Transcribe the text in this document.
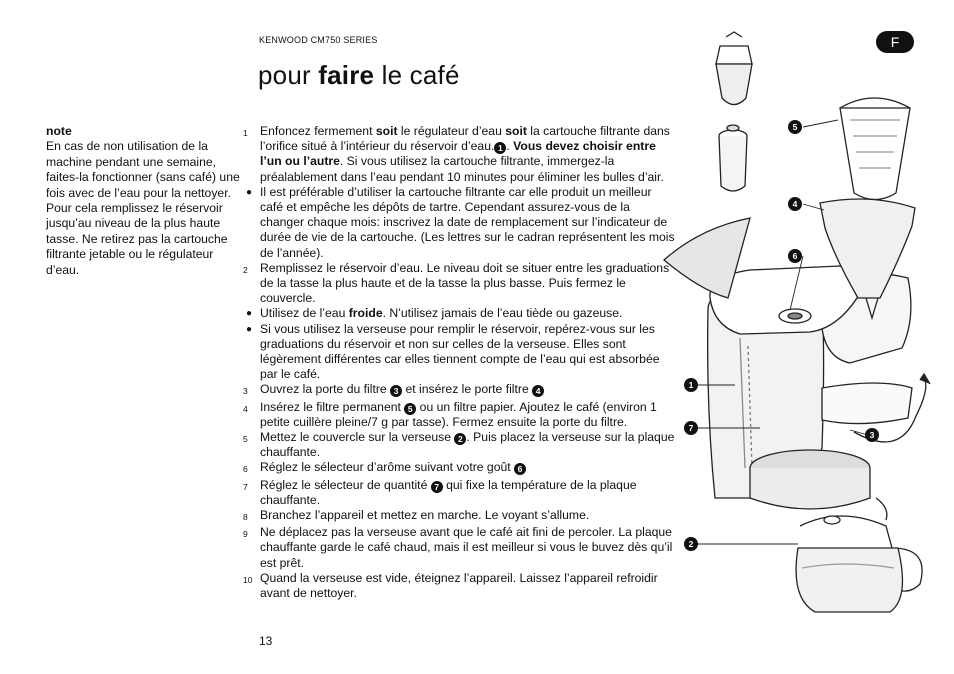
KENWOOD CM750 SERIES
pour faire le café
F
note
En cas de non utilisation de la machine pendant une semaine, faites-la fonctionner (sans café) une fois avec de l’eau pour la nettoyer. Pour cela remplissez le réservoir jusqu’au niveau de la plus haute tasse. Ne retirez pas la cartouche filtrante jetable ou le régulateur d’eau.
1	Enfoncez fermement soit le régulateur d’eau soit la cartouche filtrante dans l’orifice situé à l’intérieur du réservoir d’eau. 1 . Vous devez choisir entre l’un ou l’autre. Si vous utilisez la cartouche filtrante, immergez-la préalablement dans l’eau pendant 10 minutes pour éliminer les bulles d’air.
● Il est préférable d’utiliser la cartouche filtrante car elle produit un meilleur café et empêche les dépôts de tartre. Cependant assurez-vous de la changer chaque mois: inscrivez la date de remplacement sur l’indicateur de durée de vie de la cartouche. (Les lettres sur le cadran représentent les mois de l’année).
2	Remplissez le réservoir d’eau. Le niveau doit se situer entre les graduations de la tasse la plus haute et de la tasse la plus basse. Puis fermez le couvercle.
● Utilisez de l’eau froide. N’utilisez jamais de l’eau tiède ou gazeuse.
● Si vous utilisez la verseuse pour remplir le réservoir, repérez-vous sur les graduations du réservoir et non sur celles de la verseuse. Elles sont légèrement différentes car elles tiennent compte de l’eau qui est absorbée par le café.
3	Ouvrez la porte du filtre 3 et insérez le porte filtre 4
4	Insérez le filtre permanent 5 ou un filtre papier. Ajoutez le café (environ 1 petite cuillère pleine/7 g par tasse). Fermez ensuite la porte du filtre.
5	Mettez le couvercle sur la verseuse 2 . Puis placez la verseuse sur la plaque chauffante.
6	Réglez le sélecteur d’arôme suivant votre goût 6
7	Réglez le sélecteur de quantité 7 qui fixe la température de la plaque chauffante.
8	Branchez l’appareil et mettez en marche. Le voyant s’allume.
9	Ne déplacez pas la verseuse avant que le café ait fini de percoler. La plaque chauffante garde le café chaud, mais il est meilleur si vous le buvez dès qu’il est prêt.
10 Quand la verseuse est vide, éteignez l’appareil. Laissez l’appareil refroidir avant de nettoyer.
13
5
4
6
1
7
3
2
